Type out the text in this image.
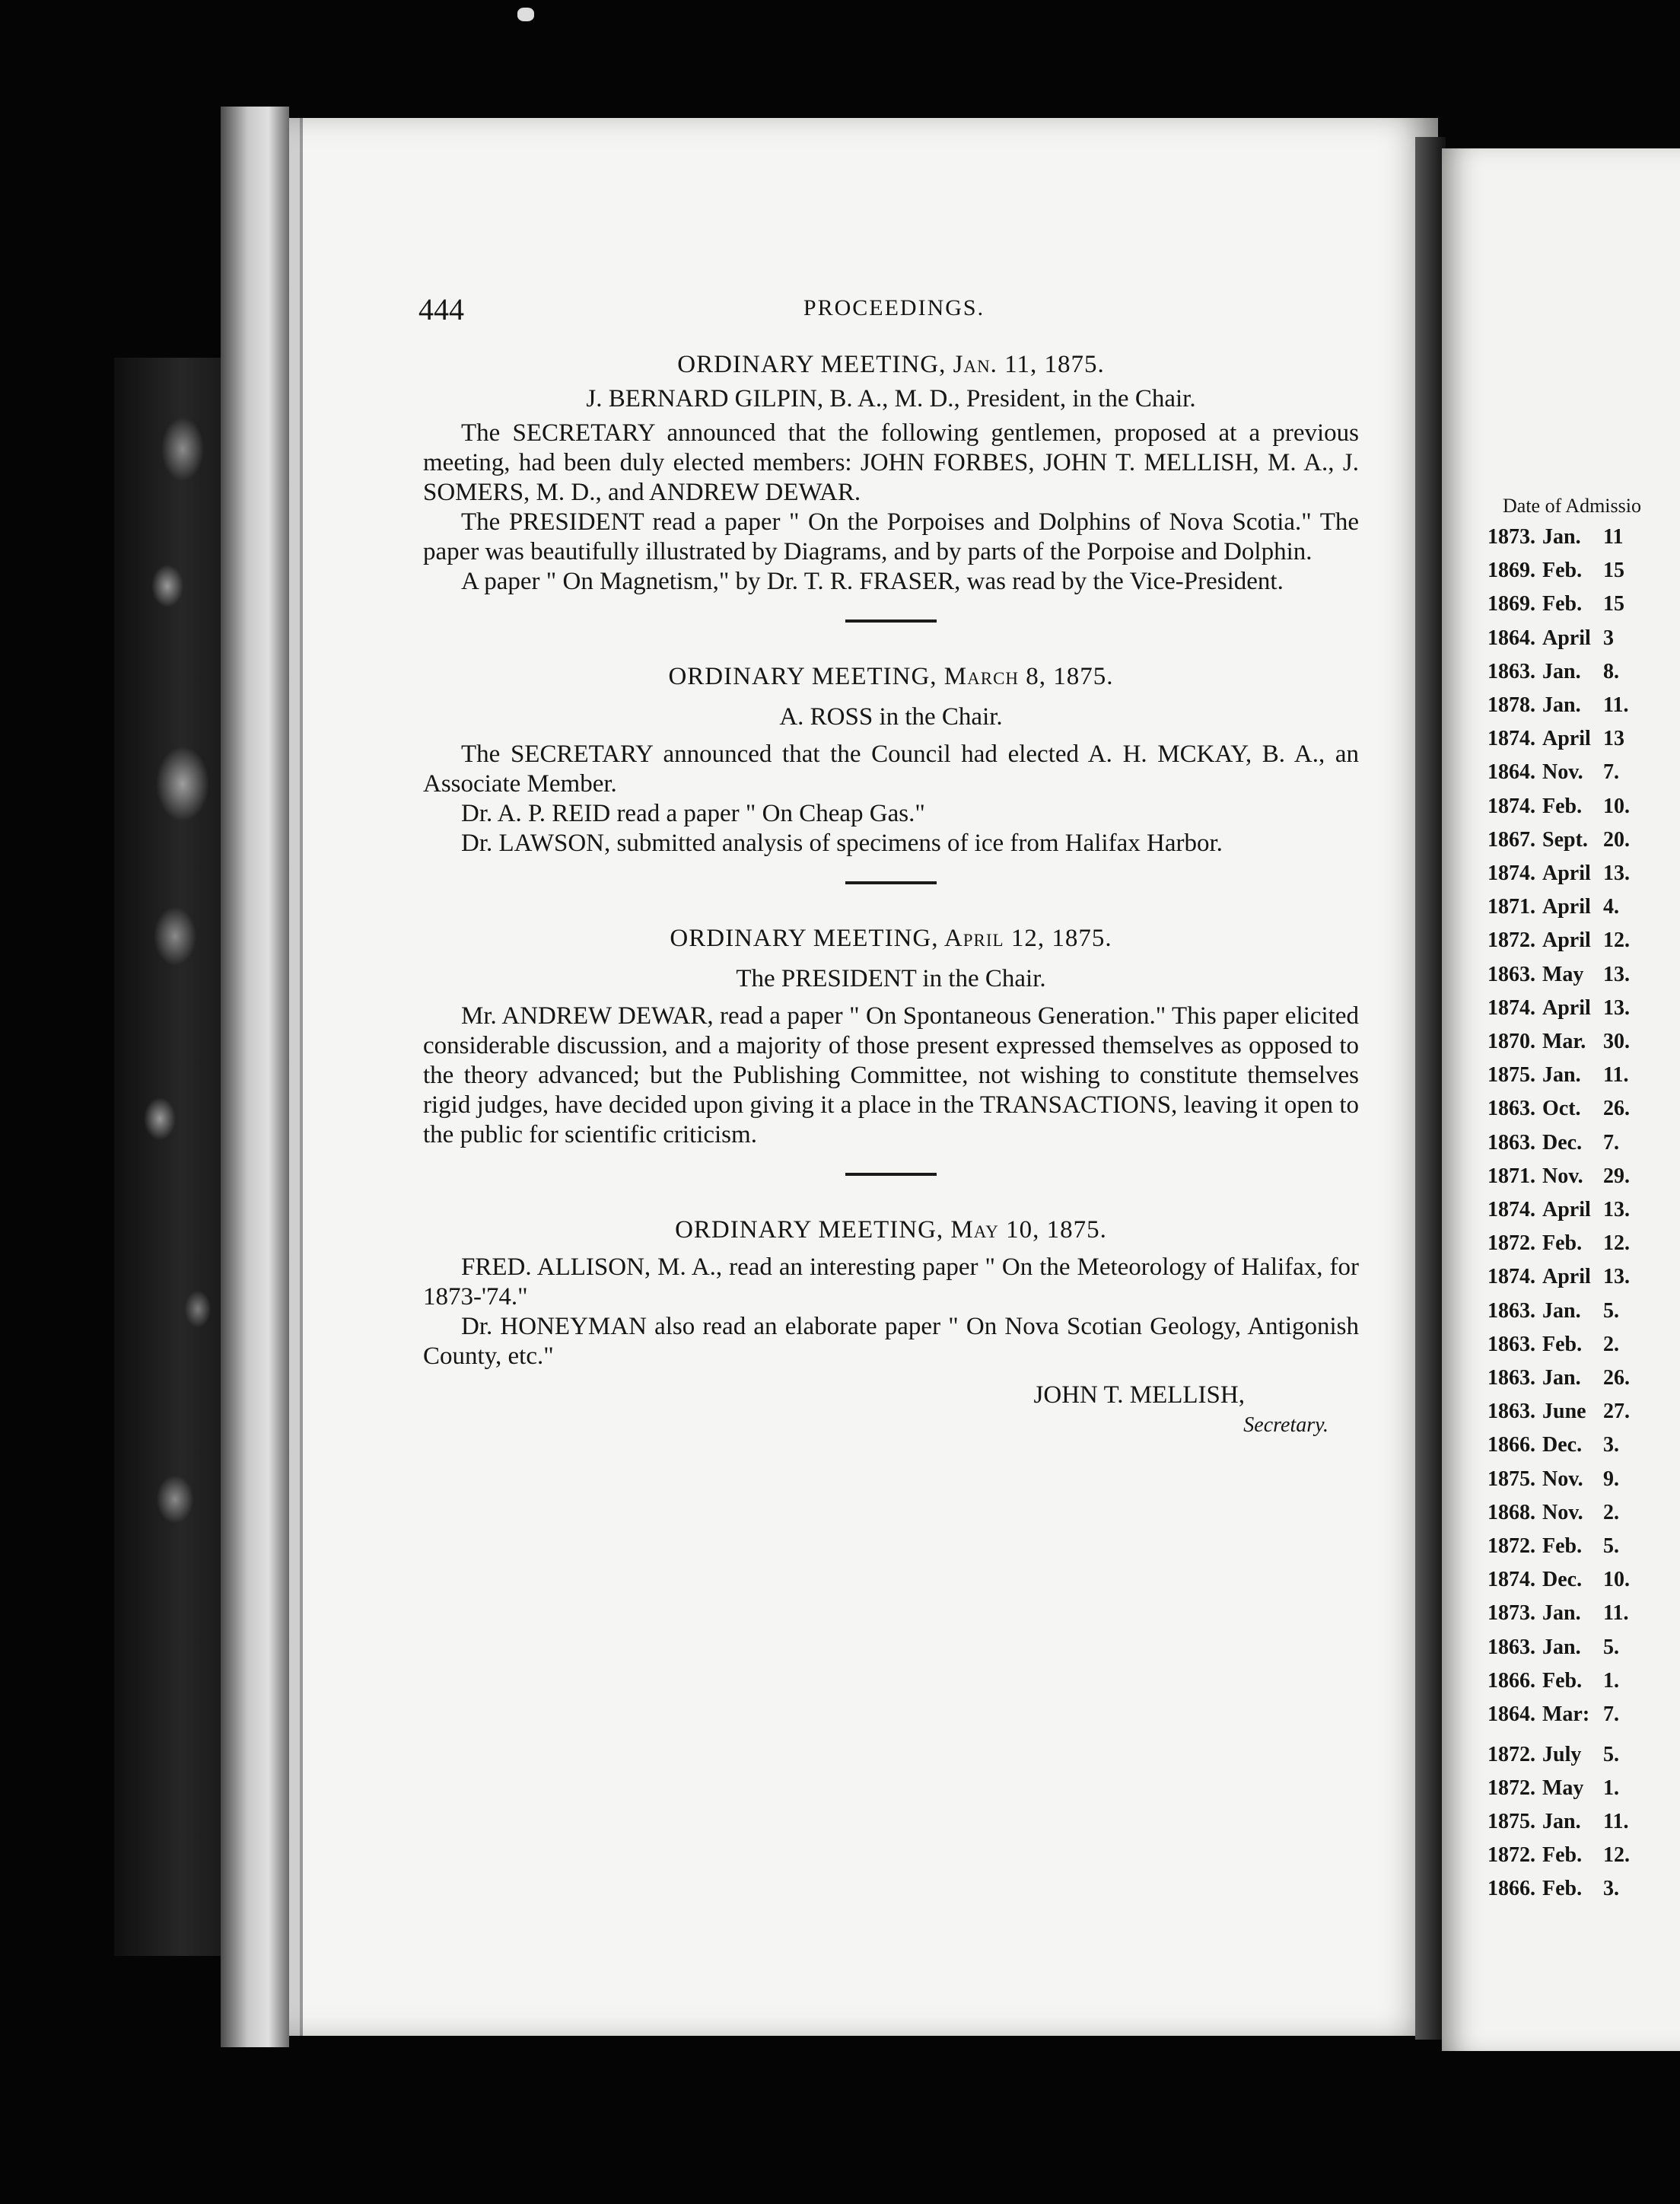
Date of Admissio
1873. Jan. 11
1869. Feb. 15
1869. Feb. 15
1864. April 3
1863. Jan. 8.
1878. Jan. 11.
1874. April 13
1864. Nov. 7.
1874. Feb. 10.
1867. Sept. 20.
1874. April 13.
1871. April 4.
1872. April 12.
1863. May 13.
1874. April 13.
1870. Mar. 30.
1875. Jan. 11.
1863. Oct. 26.
1863. Dec. 7.
1871. Nov. 29.
1874. April 13.
1872. Feb. 12.
1874. April 13.
1863. Jan. 5.
1863. Feb. 2.
1863. Jan. 26.
1863. June 27.
1866. Dec. 3.
1875. Nov. 9.
1868. Nov. 2.
1872. Feb. 5.
1874. Dec. 10.
1873. Jan. 11.
1863. Jan. 5.
1866. Feb. 1.
1864. Mar: 7.
1872. July 5.
1872. May 1.
1875. Jan. 11.
1872. Feb. 12.
1866. Feb. 3.
444	PROCEEDINGS.
ORDINARY MEETING, Jan. 11, 1875.
J. BERNARD GILPIN, B. A., M. D., President, in the Chair.

The SECRETARY announced that the following gentlemen, proposed at a previous meeting, had been duly elected members: JOHN FORBES, JOHN T. MELLISH, M. A., J. SOMERS, M. D., and ANDREW DEWAR.

The PRESIDENT read a paper " On the Porpoises and Dolphins of Nova Scotia." The paper was beautifully illustrated by Diagrams, and by parts of the Porpoise and Dolphin.

A paper " On Magnetism," by Dr. T. R. FRASER, was read by the Vice-President.

ORDINARY MEETING, March 8, 1875.
A. ROSS in the Chair.

The SECRETARY announced that the Council had elected A. H. MCKAY, B. A., an Associate Member.

Dr. A. P. REID read a paper " On Cheap Gas."

Dr. LAWSON, submitted analysis of specimens of ice from Halifax Harbor.

ORDINARY MEETING, April 12, 1875.
The PRESIDENT in the Chair.

Mr. ANDREW DEWAR, read a paper " On Spontaneous Generation." This paper elicited considerable discussion, and a majority of those present expressed themselves as opposed to the theory advanced; but the Publishing Committee, not wishing to constitute themselves rigid judges, have decided upon giving it a place in the TRANSACTIONS, leaving it open to the public for scientific criticism.

ORDINARY MEETING, May 10, 1875.

FRED. ALLISON, M. A., read an interesting paper " On the Meteorology of Halifax, for 1873-'74."

Dr. HONEYMAN also read an elaborate paper " On Nova Scotian Geology, Antigonish County, etc."

JOHN T. MELLISH,
Secretary.
